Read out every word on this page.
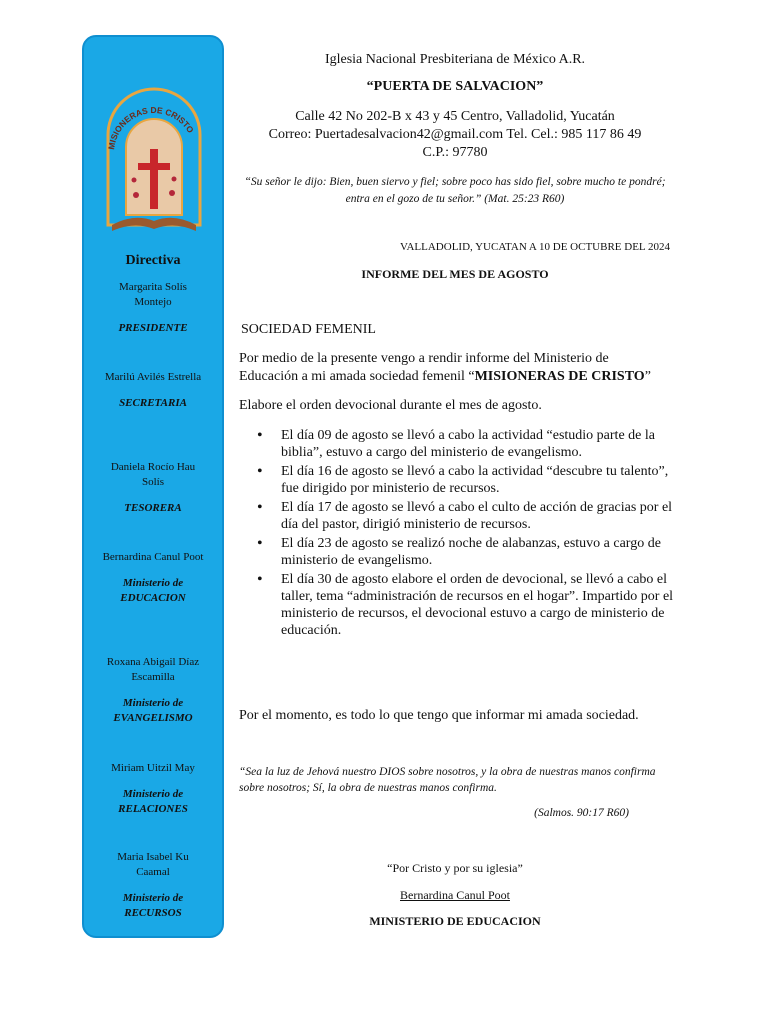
MISIONERAS DE CRISTO
Directiva
Margarita Solís Montejo
PRESIDENTE
Marilú Avilés Estrella
SECRETARIA
Daniela Rocío Hau Solís
TESORERA
Bernardina Canul Poot
Ministerio de EDUCACION
Roxana Abigail Díaz Escamilla
Ministerio de EVANGELISMO
Miriam Uitzil May
Ministerio de RELACIONES
Maria Isabel Ku Caamal
Ministerio de RECURSOS
Iglesia Nacional Presbiteriana de México A.R.
“PUERTA DE SALVACION”
Calle 42 No 202-B x 43 y 45 Centro, Valladolid, Yucatán
Correo: Puertadesalvacion42@gmail.com Tel. Cel.: 985 117 86 49
C.P.: 97780
“Su señor le dijo: Bien, buen siervo y fiel; sobre poco has sido fiel, sobre mucho te pondré; entra en el gozo de tu señor.” (Mat. 25:23 R60)
VALLADOLID, YUCATAN A 10 DE OCTUBRE DEL 2024
INFORME DEL MES DE AGOSTO
SOCIEDAD FEMENIL
Por medio de la presente vengo a rendir informe del Ministerio de Educación a mi amada sociedad femenil “MISIONERAS DE CRISTO”
Elabore el orden devocional durante el mes de agosto.
• El día 09 de agosto se llevó a cabo la actividad “estudio parte de la biblia”, estuvo a cargo del ministerio de evangelismo.
• El día 16 de agosto se llevó a cabo la actividad “descubre tu talento”, fue dirigido por ministerio de recursos.
• El día 17 de agosto se llevó a cabo el culto de acción de gracias por el día del pastor, dirigió ministerio de recursos.
• El día 23 de agosto se realizó noche de alabanzas, estuvo a cargo de ministerio de evangelismo.
• El día 30 de agosto elabore el orden de devocional, se llevó a cabo el taller, tema “administración de recursos en el hogar”. Impartido por el ministerio de recursos, el devocional estuvo a cargo de ministerio de educación.
Por el momento, es todo lo que tengo que informar mi amada sociedad.
“Sea la luz de Jehová nuestro DIOS sobre nosotros, y la obra de nuestras manos confirma sobre nosotros; Sí, la obra de nuestras manos confirma.
(Salmos. 90:17 R60)
“Por Cristo y por su iglesia”
Bernardina Canul Poot
MINISTERIO DE EDUCACION
